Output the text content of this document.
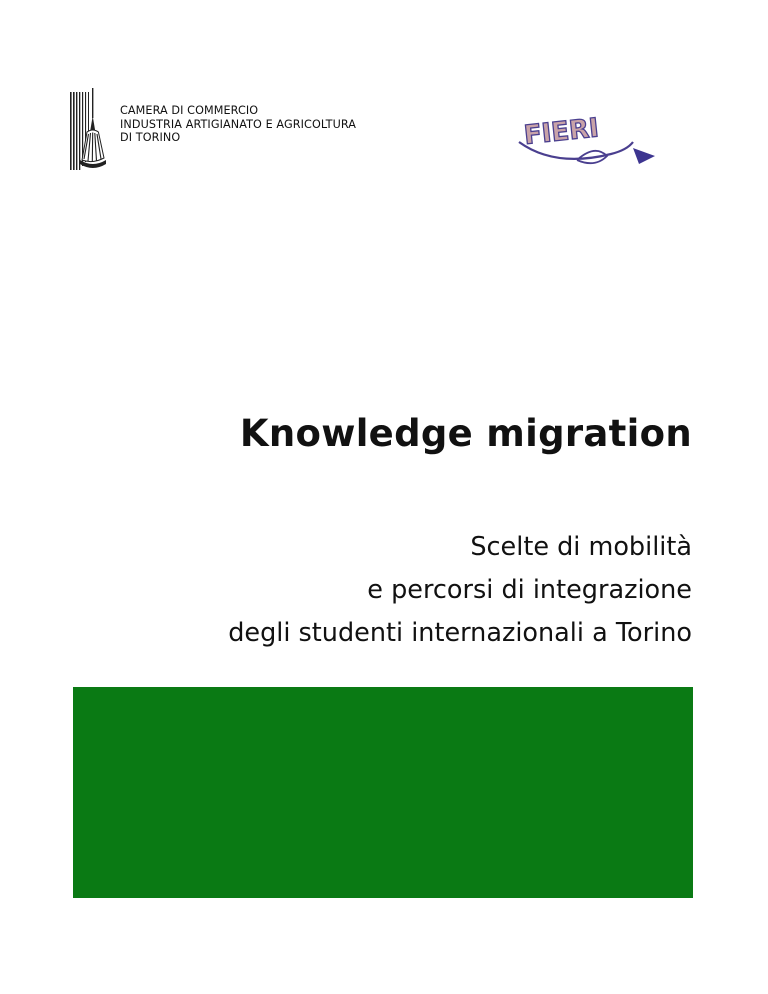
CAMERA DI COMMERCIO
INDUSTRIA ARTIGIANATO E AGRICOLTURA
DI TORINO	FIERI
Knowledge migration
Scelte di mobilità
e percorsi di integrazione
degli studenti internazionali a Torino
